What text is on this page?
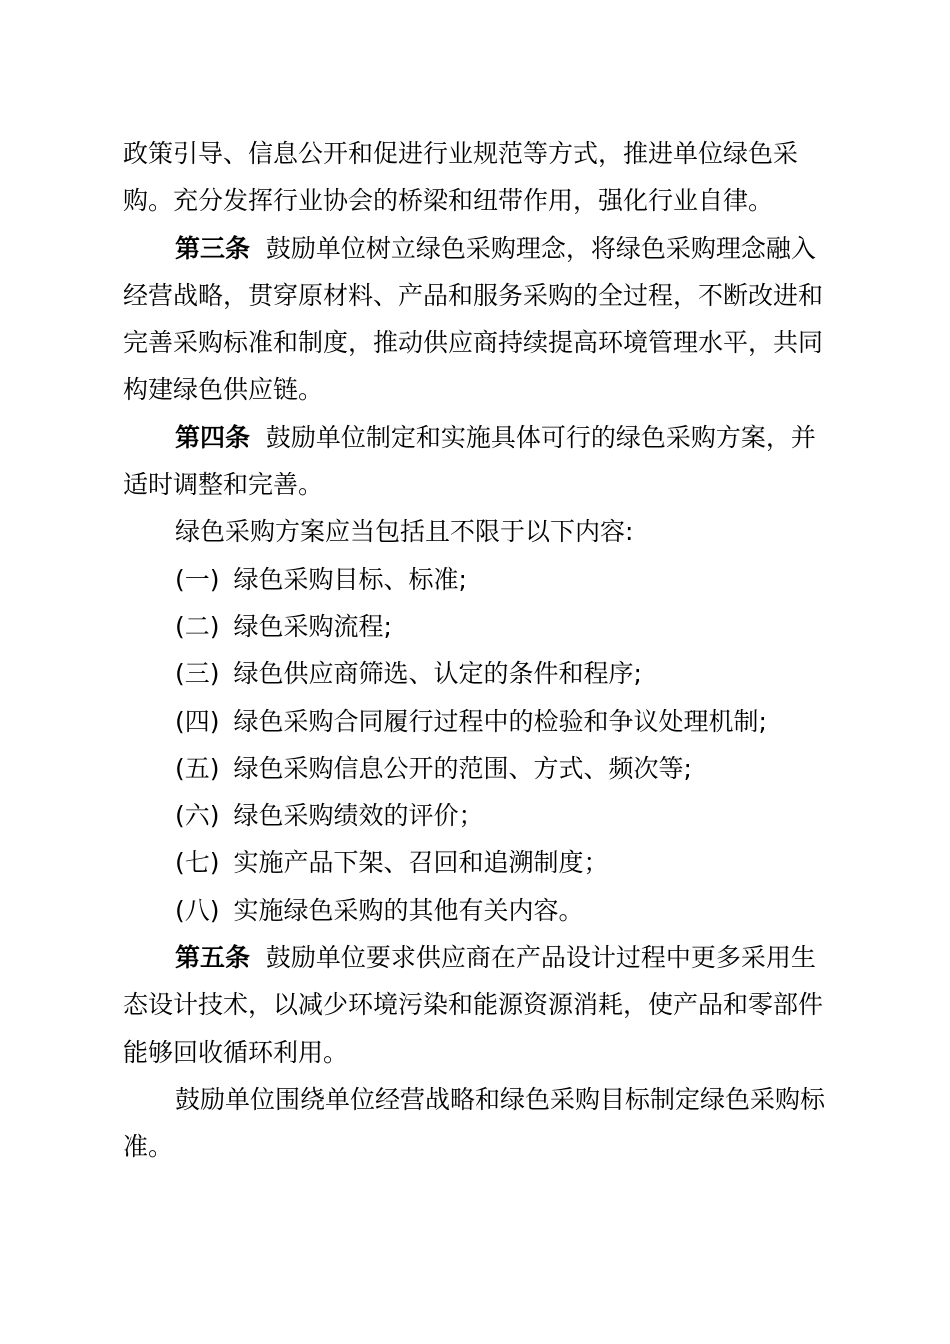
政策引导、信息公开和促进行业规范等方式，推进单位绿色采购。充分发挥行业协会的桥梁和纽带作用，强化行业自律。

第三条 鼓励单位树立绿色采购理念，将绿色采购理念融入经营战略，贯穿原材料、产品和服务采购的全过程，不断改进和完善采购标准和制度，推动供应商持续提高环境管理水平，共同构建绿色供应链。

第四条 鼓励单位制定和实施具体可行的绿色采购方案，并适时调整和完善。

绿色采购方案应当包括且不限于以下内容:

(一) 绿色采购目标、标准;

(二) 绿色采购流程;

(三) 绿色供应商筛选、认定的条件和程序;

(四) 绿色采购合同履行过程中的检验和争议处理机制;

(五) 绿色采购信息公开的范围、方式、频次等;

(六) 绿色采购绩效的评价；

(七) 实施产品下架、召回和追溯制度；

(八) 实施绿色采购的其他有关内容。

第五条 鼓励单位要求供应商在产品设计过程中更多采用生态设计技术，以减少环境污染和能源资源消耗，使产品和零部件能够回收循环利用。

鼓励单位围绕单位经营战略和绿色采购目标制定绿色采购标准。
